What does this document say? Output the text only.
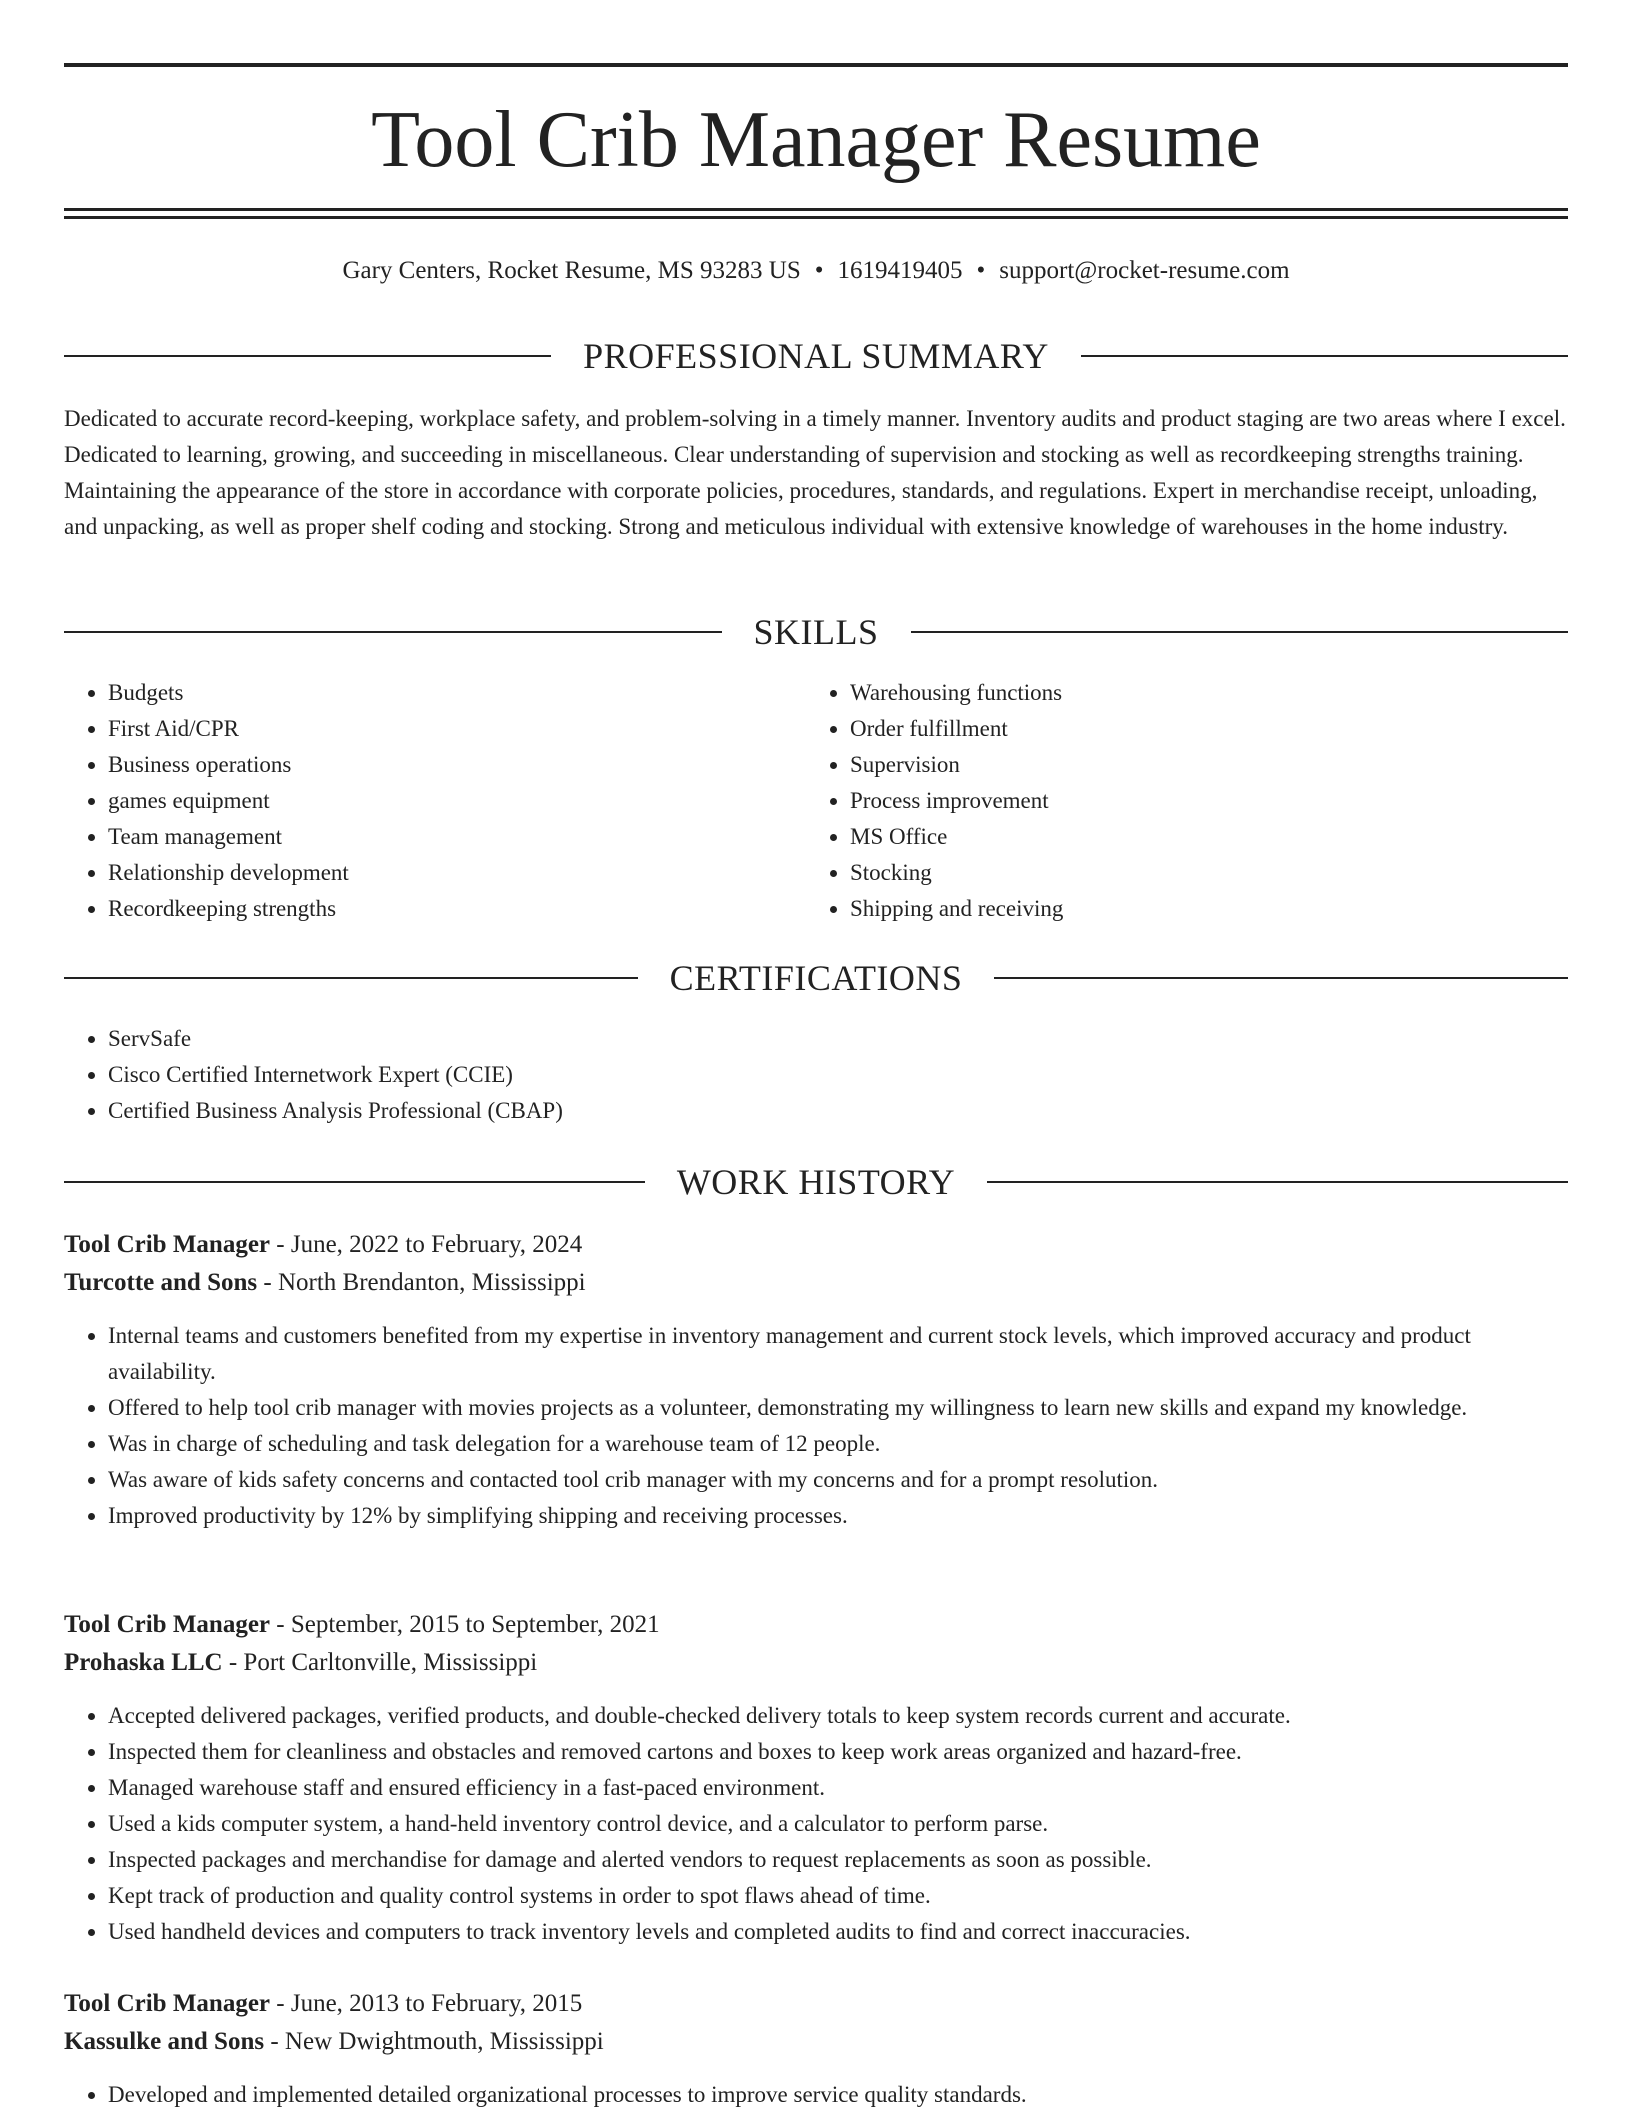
Tool Crib Manager Resume
Gary Centers, Rocket Resume, MS 93283 US • 1619419405 • support@rocket-resume.com
PROFESSIONAL SUMMARY

Dedicated to accurate record-keeping, workplace safety, and problem-solving in a timely manner. Inventory audits and product staging are two areas where I excel. Dedicated to learning, growing, and succeeding in miscellaneous. Clear understanding of supervision and stocking as well as recordkeeping strengths training. Maintaining the appearance of the store in accordance with corporate policies, procedures, standards, and regulations. Expert in merchandise receipt, unloading, and unpacking, as well as proper shelf coding and stocking. Strong and meticulous individual with extensive knowledge of warehouses in the home industry.

SKILLS
• Budgets
• First Aid/CPR
• Business operations
• games equipment
• Team management
• Relationship development
• Recordkeeping strengths
• Warehousing functions
• Order fulfillment
• Supervision
• Process improvement
• MS Office
• Stocking
• Shipping and receiving
CERTIFICATIONS
• ServSafe
• Cisco Certified Internetwork Expert (CCIE)
• Certified Business Analysis Professional (CBAP)
WORK HISTORY
Tool Crib Manager - June, 2022 to February, 2024
Turcotte and Sons - North Brendanton, Mississippi
• Internal teams and customers benefited from my expertise in inventory management and current stock levels, which improved accuracy and product availability.
• Offered to help tool crib manager with movies projects as a volunteer, demonstrating my willingness to learn new skills and expand my knowledge.
• Was in charge of scheduling and task delegation for a warehouse team of 12 people.
• Was aware of kids safety concerns and contacted tool crib manager with my concerns and for a prompt resolution.
• Improved productivity by 12% by simplifying shipping and receiving processes.
Tool Crib Manager - September, 2015 to September, 2021
Prohaska LLC - Port Carltonville, Mississippi
• Accepted delivered packages, verified products, and double-checked delivery totals to keep system records current and accurate.
• Inspected them for cleanliness and obstacles and removed cartons and boxes to keep work areas organized and hazard-free.
• Managed warehouse staff and ensured efficiency in a fast-paced environment.
• Used a kids computer system, a hand-held inventory control device, and a calculator to perform parse.
• Inspected packages and merchandise for damage and alerted vendors to request replacements as soon as possible.
• Kept track of production and quality control systems in order to spot flaws ahead of time.
• Used handheld devices and computers to track inventory levels and completed audits to find and correct inaccuracies.
Tool Crib Manager - June, 2013 to February, 2015
Kassulke and Sons - New Dwightmouth, Mississippi
• Developed and implemented detailed organizational processes to improve service quality standards.
